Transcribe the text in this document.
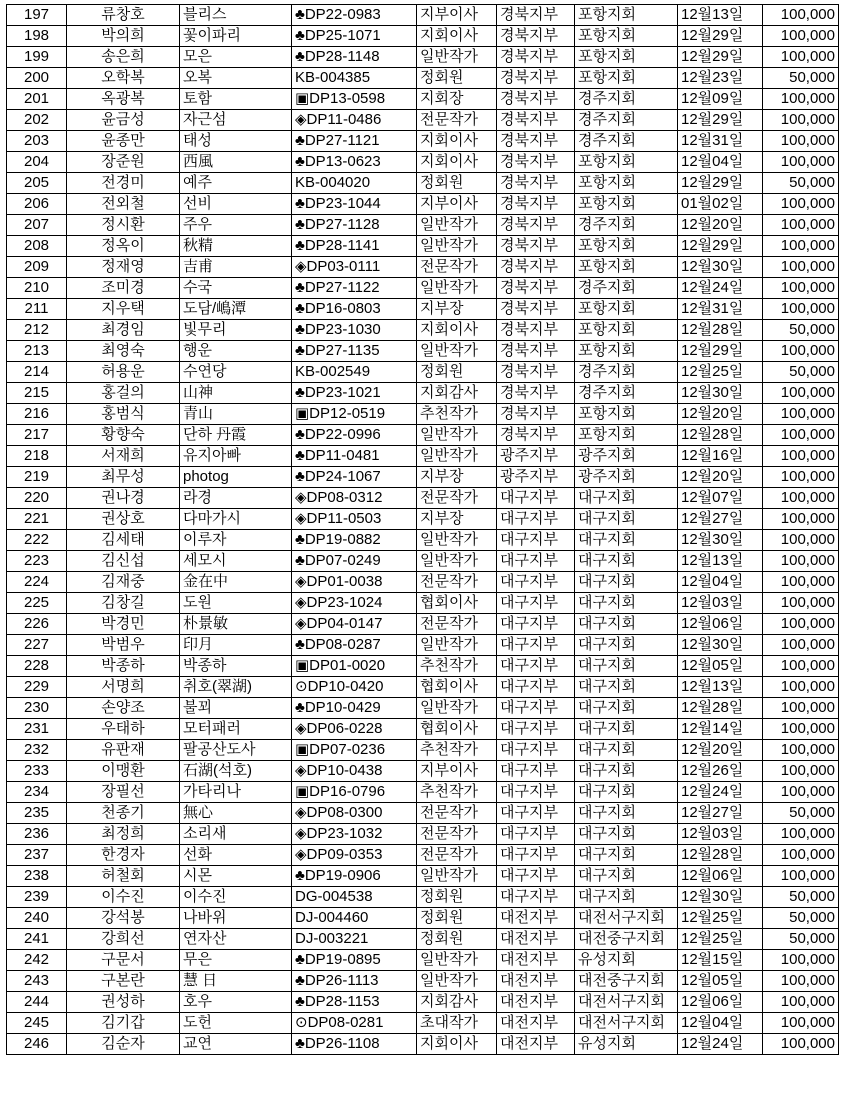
197	류창호	블리스	♣DP22-0983	지부이사	경북지부	포항지회	12월13일	100,000
198	박의희	꽃이파리	♣DP25-1071	지회이사	경북지부	포항지회	12월29일	100,000
199	송은희	모은	♣DP28-1148	일반작가	경북지부	포항지회	12월29일	100,000
200	오학복	오복	KB-004385	정회원	경북지부	포항지회	12월23일	50,000
201	옥광복	토함	▣DP13-0598	지회장	경북지부	경주지회	12월09일	100,000
202	윤금성	자근섬	◈DP11-0486	전문작가	경북지부	경주지회	12월29일	100,000
203	윤종만	태성	♣DP27-1121	지회이사	경북지부	경주지회	12월31일	100,000
204	장준원	西風	♣DP13-0623	지회이사	경북지부	포항지회	12월04일	100,000
205	전경미	예주	KB-004020	정회원	경북지부	포항지회	12월29일	50,000
206	전외철	선비	♣DP23-1044	지부이사	경북지부	포항지회	01월02일	100,000
207	정시환	주우	♣DP27-1128	일반작가	경북지부	경주지회	12월20일	100,000
208	정옥이	秋精	♣DP28-1141	일반작가	경북지부	포항지회	12월29일	100,000
209	정재영	吉甫	◈DP03-0111	전문작가	경북지부	포항지회	12월30일	100,000
210	조미경	수국	♣DP27-1122	일반작가	경북지부	경주지회	12월24일	100,000
211	지우택	도담/嶋潭	♣DP16-0803	지부장	경북지부	포항지회	12월31일	100,000
212	최경임	빛무리	♣DP23-1030	지회이사	경북지부	포항지회	12월28일	50,000
213	최영숙	행운	♣DP27-1135	일반작가	경북지부	포항지회	12월29일	100,000
214	허용운	수연당	KB-002549	정회원	경북지부	경주지회	12월25일	50,000
215	홍걸의	山神	♣DP23-1021	지회감사	경북지부	경주지회	12월30일	100,000
216	홍범식	青山	▣DP12-0519	추천작가	경북지부	포항지회	12월20일	100,000
217	황향숙	단하 丹霞	♣DP22-0996	일반작가	경북지부	포항지회	12월28일	100,000
218	서재희	유지아빠	♣DP11-0481	일반작가	광주지부	광주지회	12월16일	100,000
219	최무성	photog	♣DP24-1067	지부장	광주지부	광주지회	12월20일	100,000
220	권나경	라경	◈DP08-0312	전문작가	대구지부	대구지회	12월07일	100,000
221	권상호	다마가시	◈DP11-0503	지부장	대구지부	대구지회	12월27일	100,000
222	김세태	이루자	♣DP19-0882	일반작가	대구지부	대구지회	12월30일	100,000
223	김신섭	세모시	♣DP07-0249	일반작가	대구지부	대구지회	12월13일	100,000
224	김재중	金在中	◈DP01-0038	전문작가	대구지부	대구지회	12월04일	100,000
225	김창길	도원	◈DP23-1024	협회이사	대구지부	대구지회	12월03일	100,000
226	박경민	朴景敏	◈DP04-0147	전문작가	대구지부	대구지회	12월06일	100,000
227	박범우	印月	♣DP08-0287	일반작가	대구지부	대구지회	12월30일	100,000
228	박종하	박종하	▣DP01-0020	추천작가	대구지부	대구지회	12월05일	100,000
229	서명희	취호(翠湖)	⊙DP10-0420	협회이사	대구지부	대구지회	12월13일	100,000
230	손양조	불꾀	♣DP10-0429	일반작가	대구지부	대구지회	12월28일	100,000
231	우태하	모터패러	◈DP06-0228	협회이사	대구지부	대구지회	12월14일	100,000
232	유판재	팔공산도사	▣DP07-0236	추천작가	대구지부	대구지회	12월20일	100,000
233	이맹환	石湖(석호)	◈DP10-0438	지부이사	대구지부	대구지회	12월26일	100,000
234	장필선	가타리나	▣DP16-0796	추천작가	대구지부	대구지회	12월24일	100,000
235	천종기	無心	◈DP08-0300	전문작가	대구지부	대구지회	12월27일	50,000
236	최정희	소리새	◈DP23-1032	전문작가	대구지부	대구지회	12월03일	100,000
237	한경자	선화	◈DP09-0353	전문작가	대구지부	대구지회	12월28일	100,000
238	허철회	시몬	♣DP19-0906	일반작가	대구지부	대구지회	12월06일	100,000
239	이수진	이수진	DG-004538	정회원	대구지부	대구지회	12월30일	50,000
240	강석봉	나바위	DJ-004460	정회원	대전지부	대전서구지회	12월25일	50,000
241	강희선	연자산	DJ-003221	정회원	대전지부	대전중구지회	12월25일	50,000
242	구문서	무은	♣DP19-0895	일반작가	대전지부	유성지회	12월15일	100,000
243	구본란	慧 日	♣DP26-1113	일반작가	대전지부	대전중구지회	12월05일	100,000
244	권성하	호우	♣DP28-1153	지회감사	대전지부	대전서구지회	12월06일	100,000
245	김기갑	도헌	⊙DP08-0281	초대작가	대전지부	대전서구지회	12월04일	100,000
246	김순자	교연	♣DP26-1108	지회이사	대전지부	유성지회	12월24일	100,000
